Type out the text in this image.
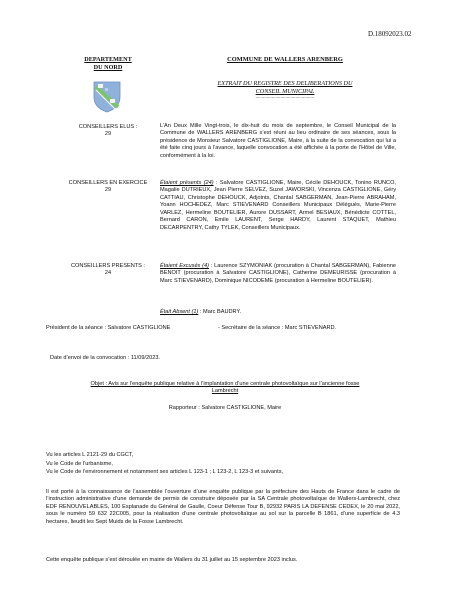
D.18092023.02
DEPARTEMENT
DU NORD
COMMUNE DE WALLERS ARENBERG
EXTRAIT DU REGISTRE DES DELIBERATIONS DU
CONSEIL MUNICIPAL
...............................................
CONSEILLERS ELUS :
29

L’An Deux Mille Vingt-trois, le dix-huit du mois de septembre, le Conseil Municipal de la Commune de WALLERS ARENBERG s’est réuni au lieu ordinaire de ses séances, sous la présidence de Monsieur Salvatore CASTIGLIONE, Maire, à la suite de la convocation qui lui a été faite cinq jours à l’avance, laquelle convocation a été affichée à la porte de l’Hôtel de Ville, conformément à la loi.

CONSEILLERS EN EXERCICE
29

Étaient présents (24) : Salvatore CASTIGLIONE, Maire, Cécile DEHOUCK, Tonino RUNCO, Magalie DUTRIEUX, Jean Pierre SELVEZ, Suzel JAWORSKI, Vincenza CASTIGLIONE, Géry CATTIAU, Christophe DEHOUCK, Adjoints, Chantal SABGERMAN, Jean-Pierre ABRAHAM, Yoann HOCHEDEZ, Marc STIEVENARD Conseillers Municipaux Délégués, Marie-Pierre VARLEZ, Hermeline BOUTELIER, Aurore DUSSART, Armel BESIAUX, Bénédicte COTTEL, Bernard CARON, Emile LAURENT, Serge HARDY, Laurent STAQUET, Mathieu DECARPENTRY, Cathy TYLEK, Conseillers Municipaux.

CONSEILLERS PRESENTS :
24

Étaient Excusés (4) : Laurence SZYMONIAK (procuration à Chantal SABGERMAN), Fabienne BENOIT (procuration à Salvatore CASTIGLIONE), Catherine DEMEURISSE (procuration à Marc STIEVENARD), Dominique NICODEME (procuration à Hermeline BOUTELIER).

Était Absent (1) : Marc BAUDRY.

Président de la séance : Salvatore CASTIGLIONE	- Secrétaire de la séance : Marc STIEVENARD.
Date d’envoi de la convocation : 11/09/2023.
Objet : Avis sur l’enquête publique relative à l’implantation d’une centrale photovoltaïque sur l’ancienne fosse
Lambrecht
Rapporteur : Salvatore CASTIGLIONE, Maire
Vu les articles L 2121-29 du CGCT,
Vu le Code de l’urbanisme,
Vu le Code de l’environnement et notamment ses articles L 123-1 ; L 123-2, L 123-3 et suivants,

Il est porté à la connaissance de l’assemblée l’ouverture d’une enquête publique par la préfecture des Hauts de France dans le cadre de l’instruction administrative d’une demande de permis de construire déposée par la SA Centrale photovoltaïque de Wallers-Lambrecht, chez EDF RENOUVELABLES, 100 Esplanade du Général de Gaulle, Coeur Défense Tour B, 92932 PARIS LA DEFENSE CEDEX, le 20 mai 2022, sous le numéro 59 632 22C005, pour la réalisation d’une centrale photovoltaïque au sol sur la parcelle B 1861, d’une superficie de 4.3 hectares, lieudit les Sept Muids de la Fosse Lambrecht.

Cette enquête publique s’est déroulée en mairie de Wallers du 31 juillet au 15 septembre 2023 inclus.
